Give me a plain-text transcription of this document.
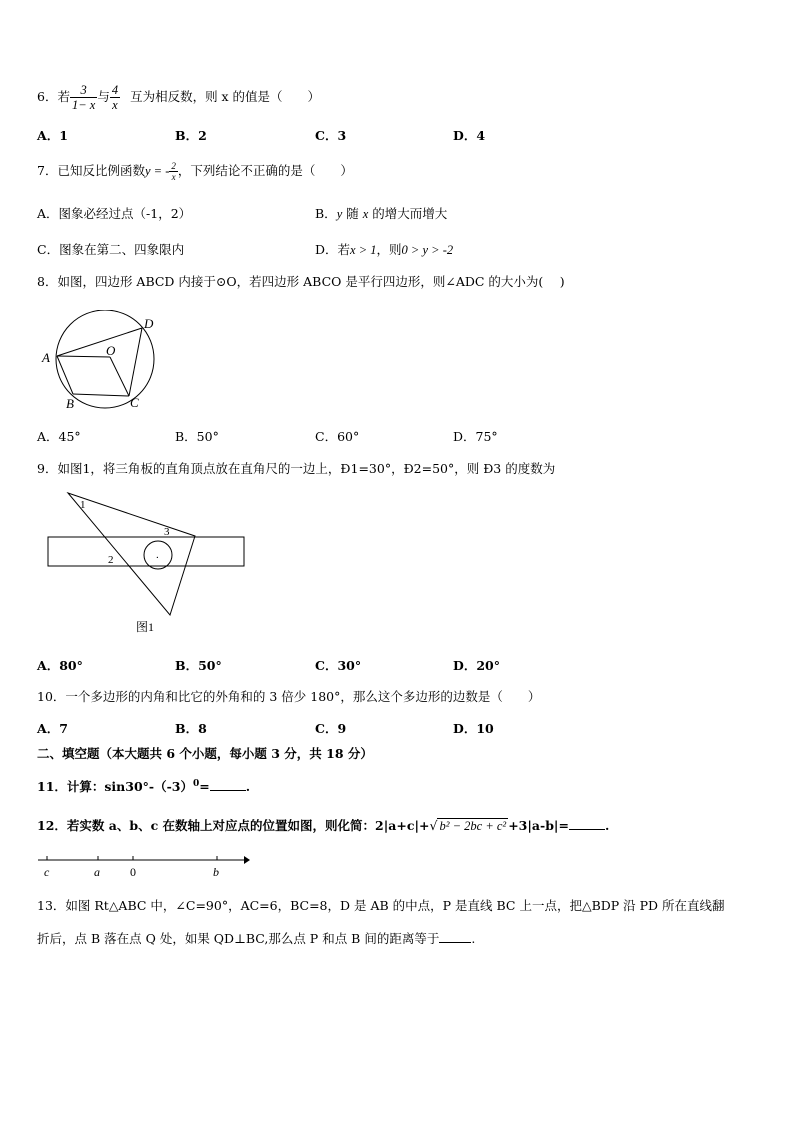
6．若 $\frac{3}{1- x}$ 与 $\frac{4}{x}$ 互为相反数，则 x 的值是（　　）
A．1	B．2	C．3	D．4
7．已知反比例函数y = - $\frac{2}{x}$ ，下列结论不正确的是（　　）
A．图象必经过点（-1，2）	B．y 随 x 的增大而增大
C．图象在第二、四象限内	D．若x > 1，则0 > y > -2
8．如图，四边形 ABCD 内接于⊙O，若四边形 ABCO 是平行四边形，则∠ADC 的大小为(　 )
A
B	C
D
O
A．45°	B．50°	C．60°	D．75°
9．如图1，将三角板的直角顶点放在直角尺的一边上，Ð1=30°，Ð2=50°，则 Ð3 的度数为
.
1
2
3
图1
A．80°	B．50°	C．30°	D．20°
10．一个多边形的内角和比它的外角和的 3 倍少 180°，那么这个多边形的边数是（　　）
A．7	B．8	C．9	D．10
二、填空题（本大题共 6 个小题，每小题 3 分，共 18 分）
11．计算：$\sin 30^\circ-(-3)^0=$	.
12．若实数 a、b、c 在数轴上对应点的位置如图，则化简：2|a+c|+√ b² − 2bc + c² +3|a-b|=	.
c	a	0	b
13．如图 Rt△ABC 中，∠C=90°，AC=6，BC=8，D 是 AB 的中点，P 是直线 BC 上一点，把△BDP 沿 PD 所在直线翻
折后，点 B 落在点 Q 处，如果 QD⊥BC,那么点 P 和点 B 间的距离等于	.
